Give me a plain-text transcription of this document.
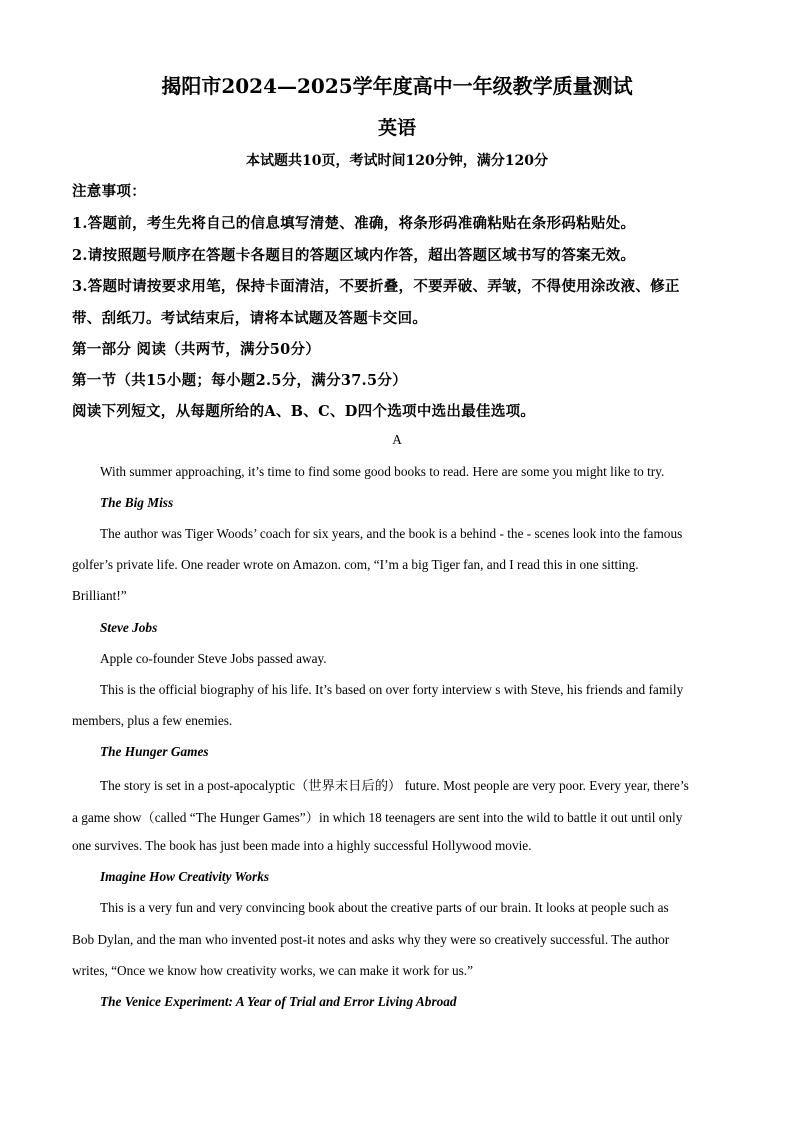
揭阳市2024—2025学年度高中一年级教学质量测试
英语
本试题共10页，考试时间120分钟，满分120分
注意事项：
1.答题前，考生先将自己的信息填写清楚、准确，将条形码准确粘贴在条形码粘贴处。
2.请按照题号顺序在答题卡各题目的答题区域内作答，超出答题区域书写的答案无效。
3.答题时请按要求用笔，保持卡面清洁，不要折叠，不要弄破、弄皱，不得使用涂改液、修正
带、刮纸刀。考试结束后，请将本试题及答题卡交回。
第一部分 阅读（共两节，满分50分）
第一节（共15小题；每小题2.5分，满分37.5分）
阅读下列短文，从每题所给的A、B、C、D四个选项中选出最佳选项。
A
With summer approaching, it’s time to find some good books to read. Here are some you might like to try.
The Big Miss
The author was Tiger Woods’ coach for six years, and the book is a behind - the - scenes look into the famous
golfer’s private life. One reader wrote on Amazon. com, “I’m a big Tiger fan, and I read this in one sitting.
Brilliant!”
Steve Jobs
Apple co-founder Steve Jobs passed away.
This is the official biography of his life. It’s based on over forty interview s with Steve, his friends and family
members, plus a few enemies.
The Hunger Games
The story is set in a post-apocalyptic（世界末日后的） future. Most people are very poor. Every year, there’s
a game show（called “The Hunger Games”）in which 18 teenagers are sent into the wild to battle it out until only
one survives. The book has just been made into a highly successful Hollywood movie.
Imagine How Creativity Works
This is a very fun and very convincing book about the creative parts of our brain. It looks at people such as
Bob Dylan, and the man who invented post-it notes and asks why they were so creatively successful. The author
writes, “Once we know how creativity works, we can make it work for us.”
The Venice Experiment: A Year of Trial and Error Living Abroad
